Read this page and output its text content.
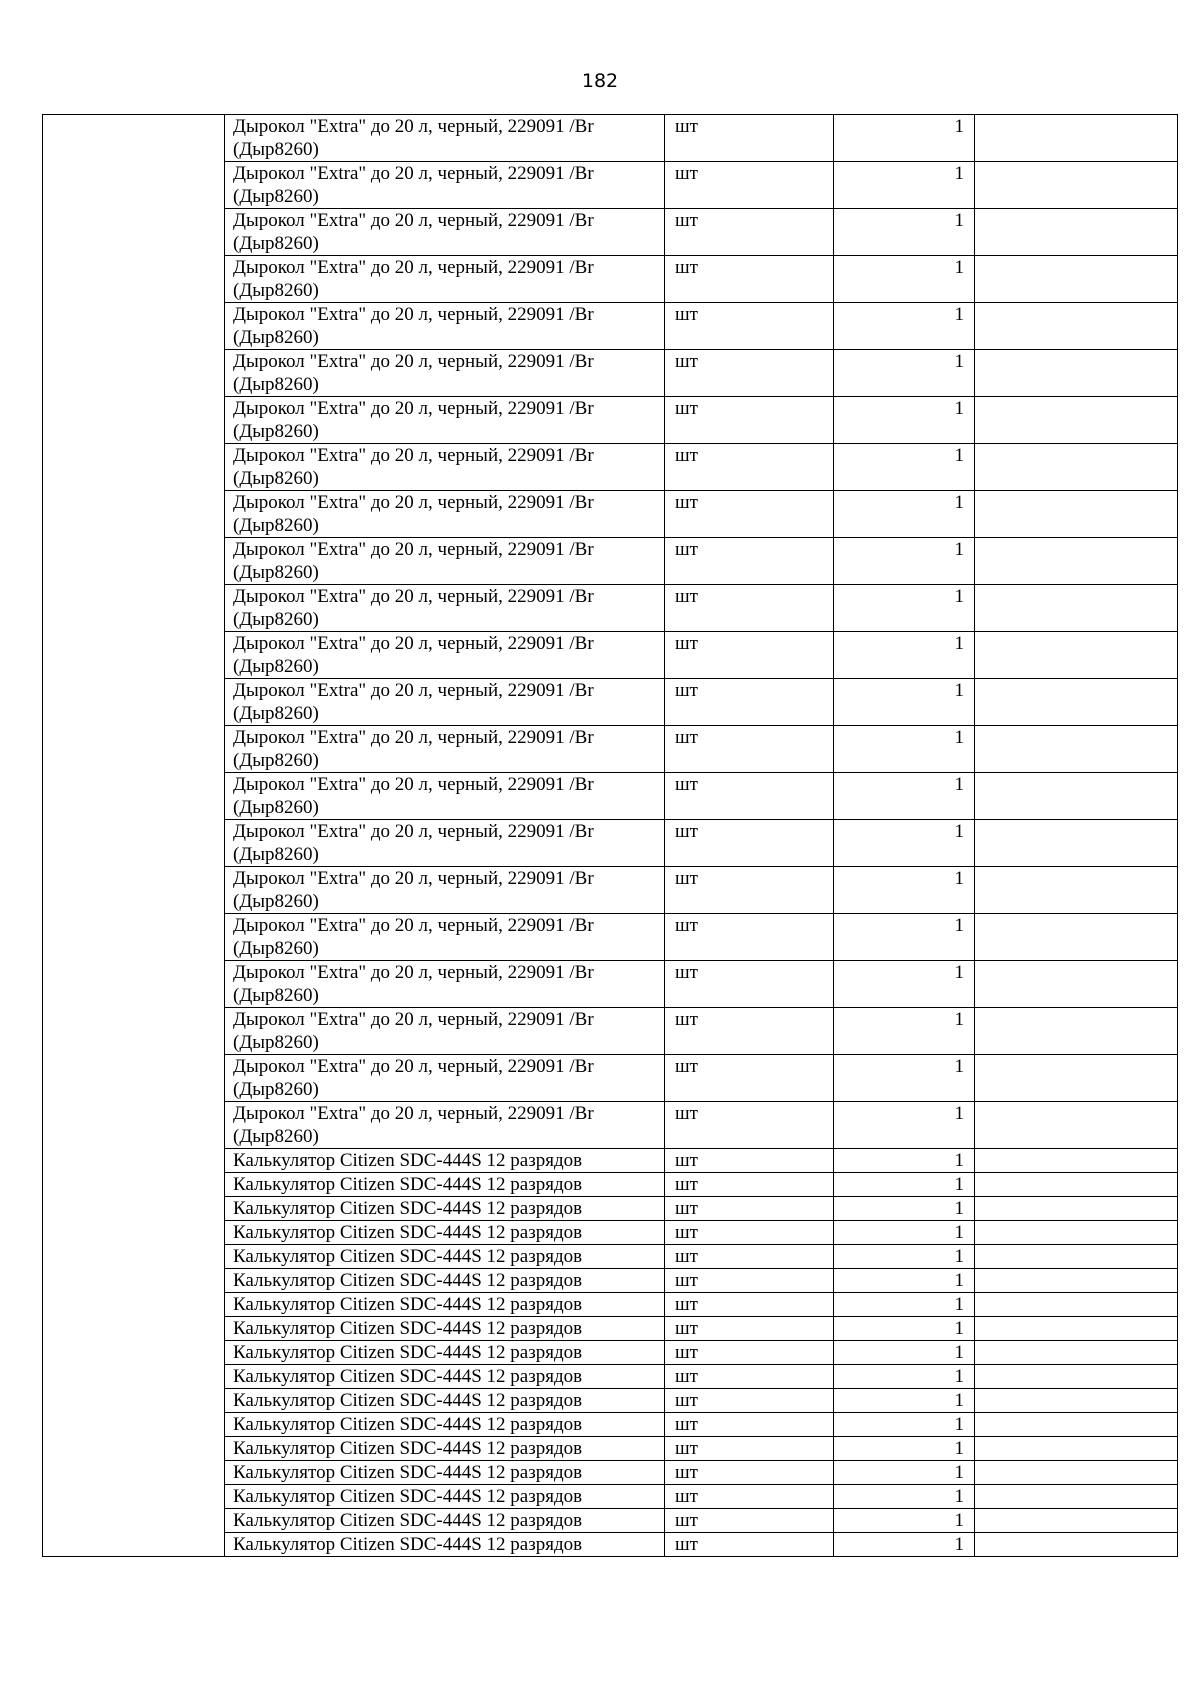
182
	Дырокол "Extra" до 20 л, черный, 229091 /Br (Дыр8260)	шт	1	
	Дырокол "Extra" до 20 л, черный, 229091 /Br (Дыр8260)	шт	1	
	Дырокол "Extra" до 20 л, черный, 229091 /Br (Дыр8260)	шт	1	
	Дырокол "Extra" до 20 л, черный, 229091 /Br (Дыр8260)	шт	1	
	Дырокол "Extra" до 20 л, черный, 229091 /Br (Дыр8260)	шт	1	
	Дырокол "Extra" до 20 л, черный, 229091 /Br (Дыр8260)	шт	1	
	Дырокол "Extra" до 20 л, черный, 229091 /Br (Дыр8260)	шт	1	
	Дырокол "Extra" до 20 л, черный, 229091 /Br (Дыр8260)	шт	1	
	Дырокол "Extra" до 20 л, черный, 229091 /Br (Дыр8260)	шт	1	
	Дырокол "Extra" до 20 л, черный, 229091 /Br (Дыр8260)	шт	1	
	Дырокол "Extra" до 20 л, черный, 229091 /Br (Дыр8260)	шт	1	
	Дырокол "Extra" до 20 л, черный, 229091 /Br (Дыр8260)	шт	1	
	Дырокол "Extra" до 20 л, черный, 229091 /Br (Дыр8260)	шт	1	
	Дырокол "Extra" до 20 л, черный, 229091 /Br (Дыр8260)	шт	1	
	Дырокол "Extra" до 20 л, черный, 229091 /Br (Дыр8260)	шт	1	
	Дырокол "Extra" до 20 л, черный, 229091 /Br (Дыр8260)	шт	1	
	Дырокол "Extra" до 20 л, черный, 229091 /Br (Дыр8260)	шт	1	
	Дырокол "Extra" до 20 л, черный, 229091 /Br (Дыр8260)	шт	1	
	Дырокол "Extra" до 20 л, черный, 229091 /Br (Дыр8260)	шт	1	
	Дырокол "Extra" до 20 л, черный, 229091 /Br (Дыр8260)	шт	1	
	Дырокол "Extra" до 20 л, черный, 229091 /Br (Дыр8260)	шт	1	
	Дырокол "Extra" до 20 л, черный, 229091 /Br (Дыр8260)	шт	1	
	Калькулятор Citizen SDC-444S 12 разрядов	шт	1	
	Калькулятор Citizen SDC-444S 12 разрядов	шт	1	
	Калькулятор Citizen SDC-444S 12 разрядов	шт	1	
	Калькулятор Citizen SDC-444S 12 разрядов	шт	1	
	Калькулятор Citizen SDC-444S 12 разрядов	шт	1	
	Калькулятор Citizen SDC-444S 12 разрядов	шт	1	
	Калькулятор Citizen SDC-444S 12 разрядов	шт	1	
	Калькулятор Citizen SDC-444S 12 разрядов	шт	1	
	Калькулятор Citizen SDC-444S 12 разрядов	шт	1	
	Калькулятор Citizen SDC-444S 12 разрядов	шт	1	
	Калькулятор Citizen SDC-444S 12 разрядов	шт	1	
	Калькулятор Citizen SDC-444S 12 разрядов	шт	1	
	Калькулятор Citizen SDC-444S 12 разрядов	шт	1	
	Калькулятор Citizen SDC-444S 12 разрядов	шт	1	
	Калькулятор Citizen SDC-444S 12 разрядов	шт	1	
	Калькулятор Citizen SDC-444S 12 разрядов	шт	1	
	Калькулятор Citizen SDC-444S 12 разрядов	шт	1	
